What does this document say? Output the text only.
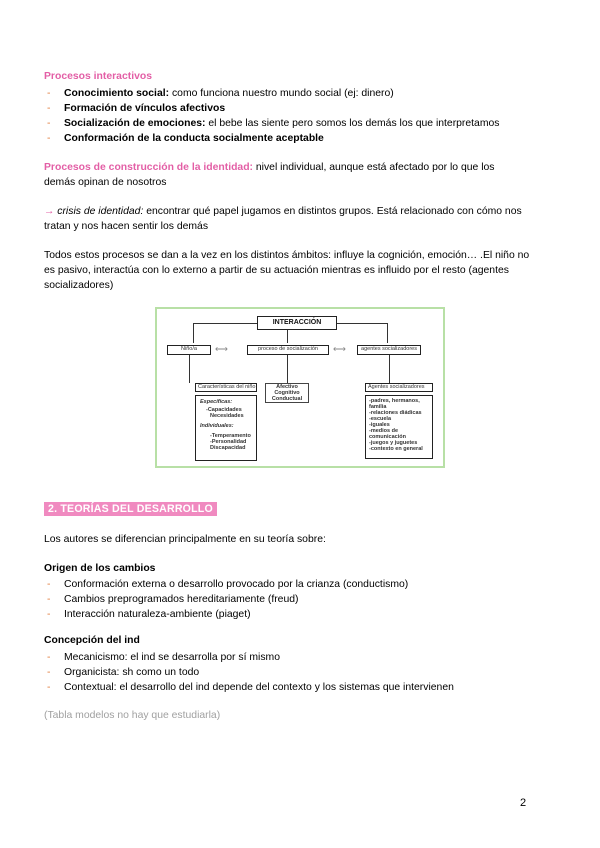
Procesos interactivos
- Conocimiento social: como funciona nuestro mundo social (ej: dinero)
- Formación de vínculos afectivos
- Socialización de emociones: el bebe las siente pero somos los demás los que interpretamos
- Conformación de la conducta socialmente aceptable
Procesos de construcción de la identidad: nivel individual, aunque está afectado por lo que los
demás opinan de nosotros
→ crisis de identidad: encontrar qué papel jugamos en distintos grupos. Está relacionado con cómo nos
tratan y nos hacen sentir los demás
Todos estos procesos se dan a la vez en los distintos ámbitos: influye la cognición, emoción… .El niño no
es pasivo, interactúa con lo externo a partir de su actuación mientras es influido por el resto (agentes
socializadores)
INTERACCIÓN
Niño/a	⟷	proceso de socialización	⟷	agentes socializadores
Características del niño	Afectivo
Cognitivo
Conductual
Agentes socializadores
Específicas:
-Capacidades
Necesidades
Individuales:
-Temperamento
-Personalidad
Discapacidad
-padres, hermanos, familia
-relaciones diádicas
-escuela
-iguales
-medios de comunicación
-juegos y juguetes
-contexto en general
2. TEORÍAS DEL DESARROLLO
Los autores se diferencian principalmente en su teoría sobre:
Origen de los cambios
- Conformación externa o desarrollo provocado por la crianza (conductismo)
- Cambios preprogramados hereditariamente (freud)
- Interacción naturaleza-ambiente (piaget)
Concepción del ind
- Mecanicismo: el ind se desarrolla por sí mismo
- Organicista: sh como un todo
- Contextual: el desarrollo del ind depende del contexto y los sistemas que intervienen
(Tabla modelos no hay que estudiarla)
2
